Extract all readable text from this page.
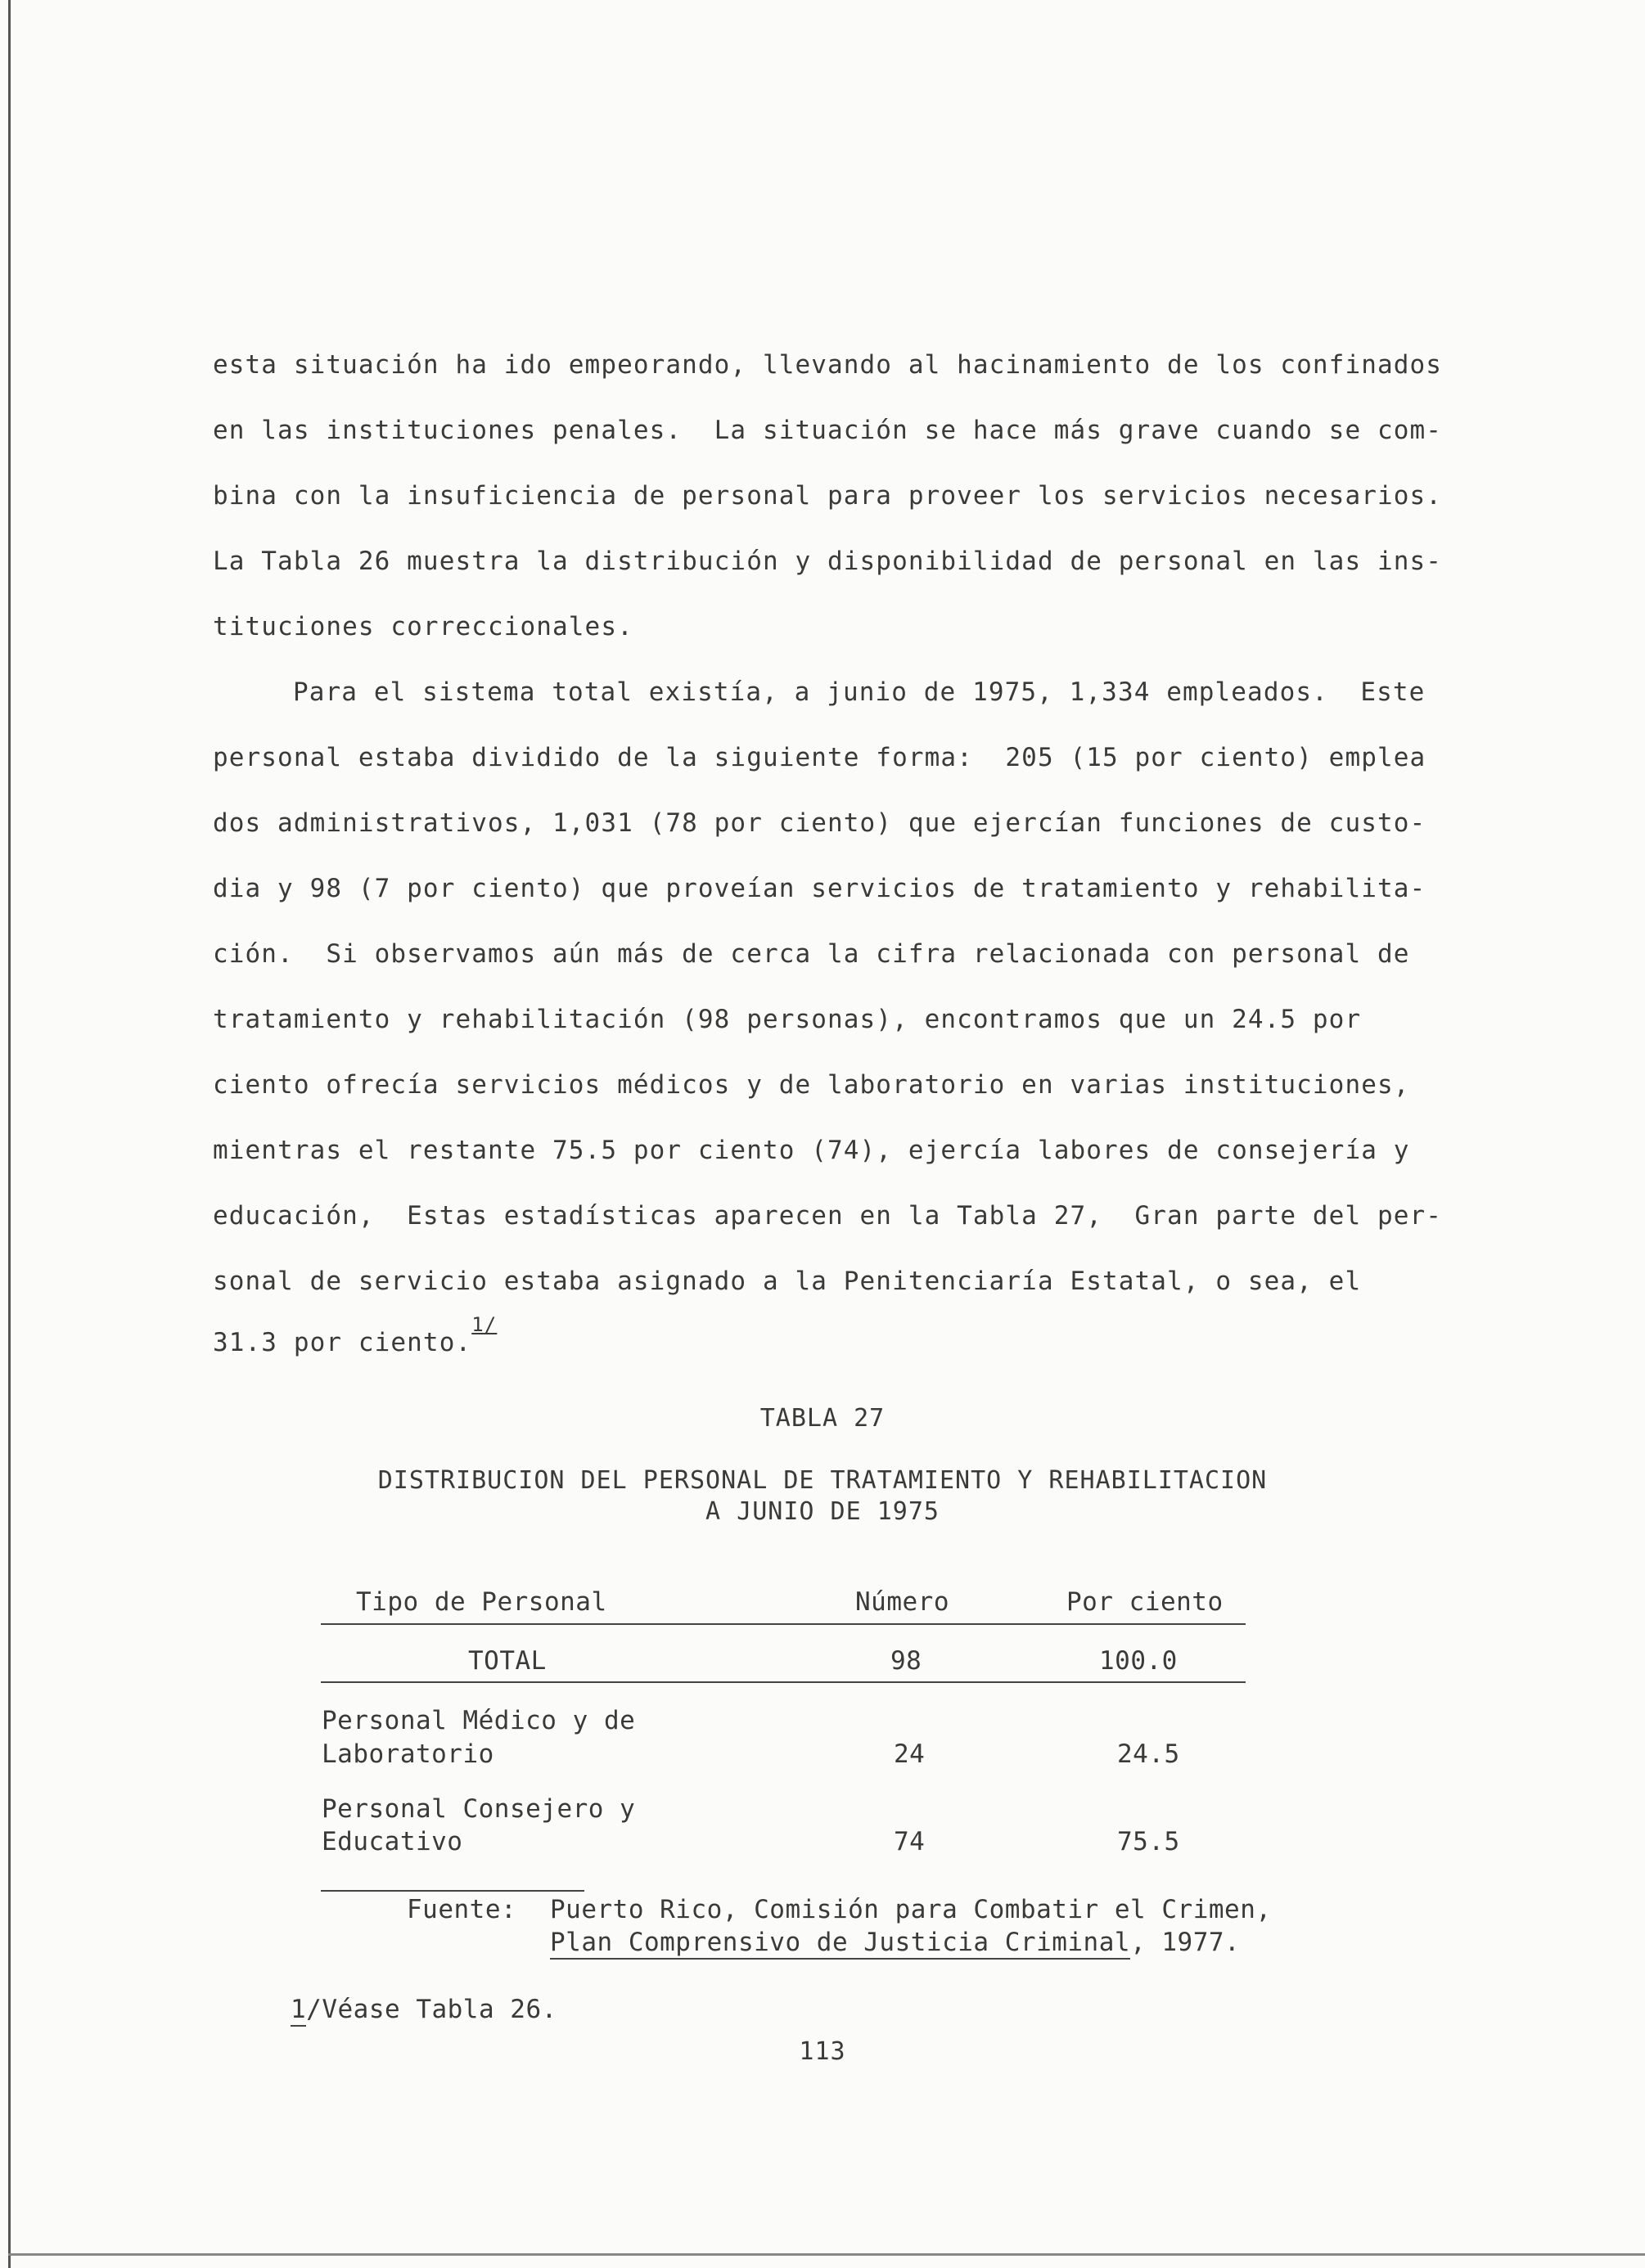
esta situación ha ido empeorando, llevando al hacinamiento de los confinados
en las instituciones penales.  La situación se hace más grave cuando se com-
bina con la insuficiencia de personal para proveer los servicios necesarios.
La Tabla 26 muestra la distribución y disponibilidad de personal en las ins-
tituciones correccionales.
Para el sistema total existía, a junio de 1975, 1,334 empleados.  Este
personal estaba dividido de la siguiente forma:  205 (15 por ciento) emplea
dos administrativos, 1,031 (78 por ciento) que ejercían funciones de custo-
dia y 98 (7 por ciento) que proveían servicios de tratamiento y rehabilita-
ción.  Si observamos aún más de cerca la cifra relacionada con personal de
tratamiento y rehabilitación (98 personas), encontramos que un 24.5 por
ciento ofrecía servicios médicos y de laboratorio en varias instituciones,
mientras el restante 75.5 por ciento (74), ejercía labores de consejería y
educación,  Estas estadísticas aparecen en la Tabla 27,  Gran parte del per-
sonal de servicio estaba asignado a la Penitenciaría Estatal, o sea, el
31.3 por ciento.$^{1/}$
TABLA 27
DISTRIBUCION DEL PERSONAL DE TRATAMIENTO Y REHABILITACION
A JUNIO DE 1975
Tipo de Personal	Número	Por ciento
TOTAL	98	100.0
Personal Médico y de
Laboratorio	24	24.5
Personal Consejero y
Educativo	74	75.5
Fuente: Puerto Rico, Comisión para Combatir el Crimen,
Plan Comprensivo de Justicia Criminal, 1977.
1/Véase Tabla 26.
113
